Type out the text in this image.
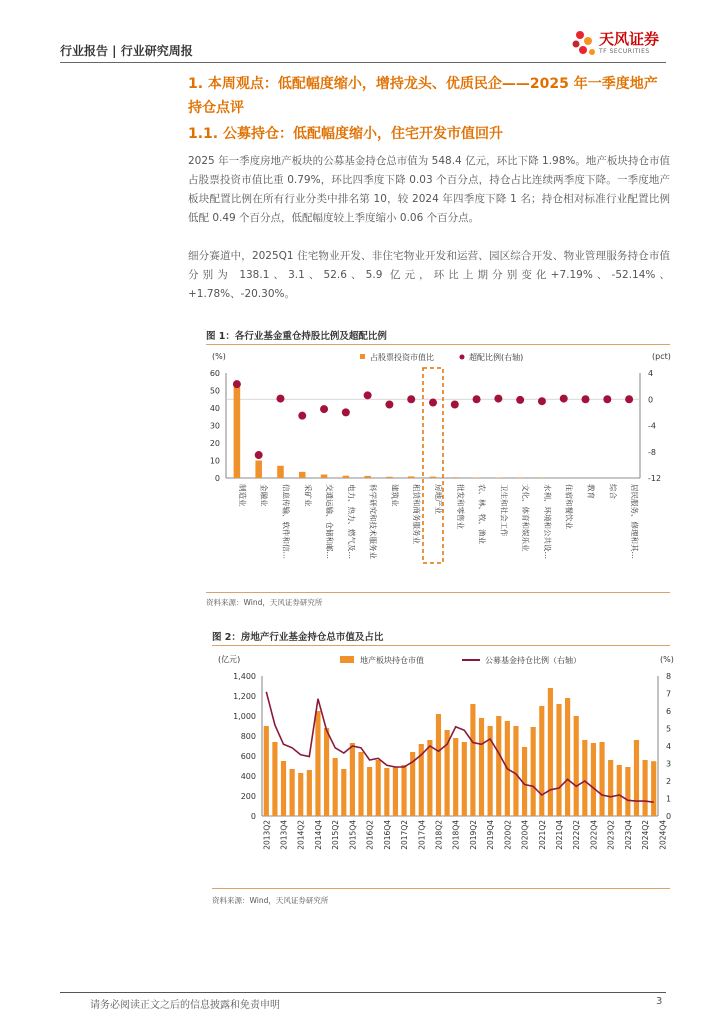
行业报告 | 行业研究周报
天风证券
TF SECURITIES
1. 本周观点：低配幅度缩小，增持龙头、优质民企——2025 年一季度地产持仓点评
1.1. 公募持仓：低配幅度缩小，住宅开发市值回升
2025 年一季度房地产板块的公募基金持仓总市值为 548.4 亿元，环比下降 1.98%。地产板块持仓市值占股票投资市值比重 0.79%，环比四季度下降 0.03 个百分点，持仓占比连续两季度下降。一季度地产板块配置比例在所有行业分类中排名第 10，较 2024 年四季度下降 1 名；持仓相对标准行业配置比例低配 0.49 个百分点，低配幅度较上季度缩小 0.06 个百分点。
细分赛道中，2025Q1 住宅物业开发、非住宅物业开发和运营、园区综合开发、物业管理服务持仓市值分别为 138.1、3.1、52.6、5.9 亿元，环比上期分别变化+7.19%、-52.14%、+1.78%、-20.30%。
图 1：各行业基金重仓持股比例及超配比例
(%)	(pct)
占股票投资市值比	超配比例(右轴)
0
10
20
30
40
50
60	4
0
-4
-8
-12
制造业 金融业 信息传输、软件和信… 采矿业 交通运输、仓储和邮… 电力、热力、燃气及… 科学研究和技术服务业 建筑业 租赁和商务服务业 房地产业 批发和零售业 农、林、牧、渔业 卫生和社会工作 文化、体育和娱乐业 水利、环境和公共设… 住宿和餐饮业 教育 综合 居民服务、修理和其…
资料来源：Wind，天风证券研究所
图 2：房地产行业基金持仓总市值及占比
(亿元)	(%)
地产板块持仓市值	公募基金持仓比例（右轴）
0
200
400
600
800
1,000
1,200
1,400
0
1
2
3
4
5
6
7
8
2013Q2 2013Q4 2014Q2 2014Q4 2015Q2 2015Q4 2016Q2 2016Q4 2017Q2 2017Q4 2018Q2 2018Q4 2019Q2 2019Q4 2020Q2 2020Q4 2021Q2 2021Q4 2022Q2 2022Q4 2023Q2 2023Q4 2024Q2 2024Q4
资料来源：Wind，天风证券研究所
请务必阅读正文之后的信息披露和免责申明	3
